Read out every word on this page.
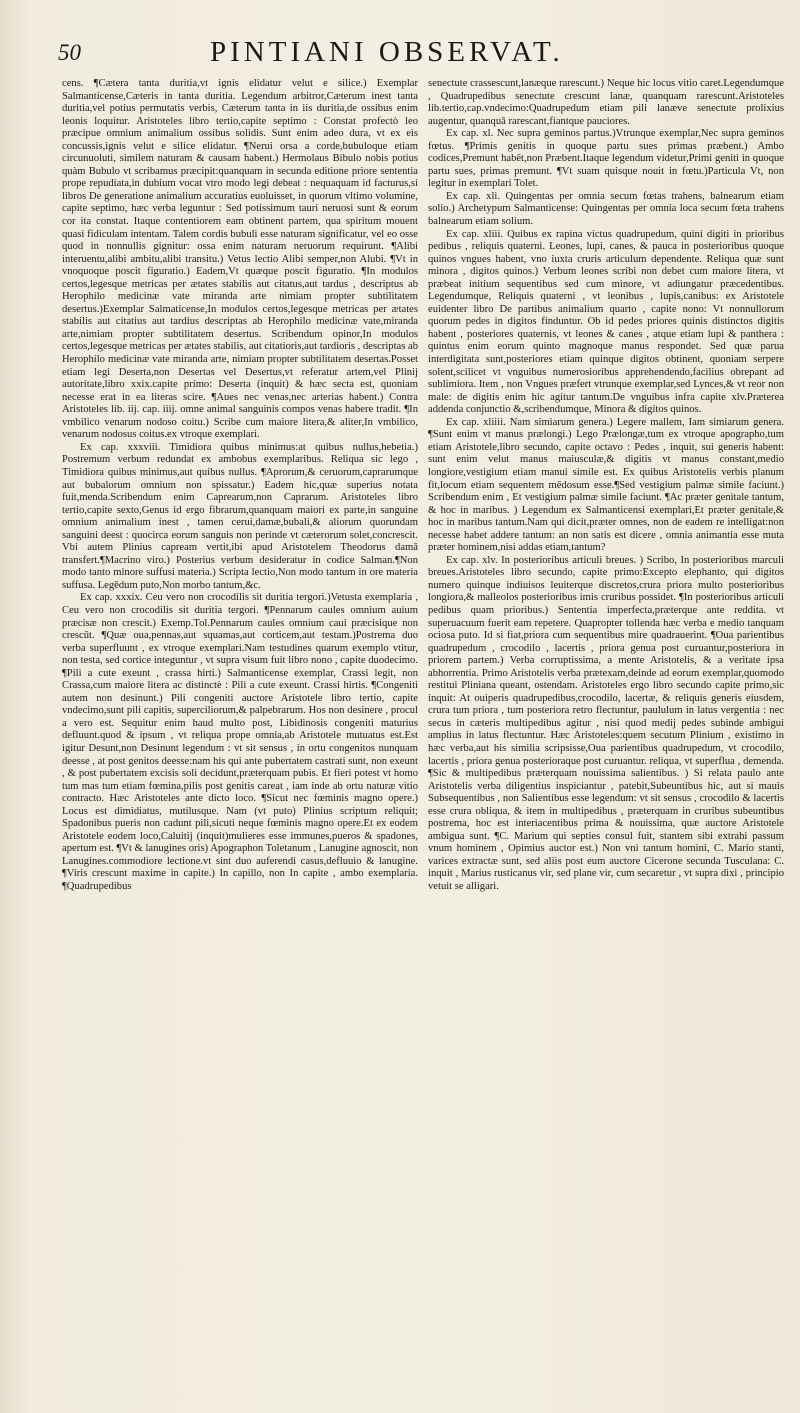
50	PINTIANI OBSERVAT.

cens. ¶Cætera tanta duritia,vt ignis elidatur velut e silice.) Exemplar Salmanticense,Cæteris in tanta duritia. Legendum arbitror,Cæterum inest tanta duritia,vel potius permutatis verbis, Cæterum tanta in iis duritia,de ossibus enim leonis loquitur. Aristoteles libro tertio,capite septimo : Constat profectò leo præcipue omnium animalium ossibus solidis. Sunt enim adeo dura, vt ex eis concussis,ignis velut e silice elidatur. ¶Nerui orsa a corde,bubuloque etiam circunuoluti, similem naturam & causam habent.) Hermolaus Bibulo nobis potius quàm Bubulo vt scribamus præcipit:quanquam in secunda editione priore sententia prope repudiata,in dubium vocat vtro modo legi debeat : nequaquam id facturus,si libros De generatione animalium accuratius euoluisset, in quorum vltimo volumine, capite septimo, hæc verba leguntur : Sed potissimum tauri neruosi sunt & eorum cor ita constat. Itaque contentiorem eam obtinent partem, qua spiritum mouent quasi fidiculam intentam. Talem cordis bubuli esse naturam significatur, vel eo osse quod in nonnullis gignitur: ossa enim naturam neruorum requirunt. ¶Alibi interuentu,alibi ambitu,alibi transitu.) Vetus lectio Alibi semper,non Alubi. ¶Vt in vnoquoque poscit figuratio.) Eadem,Vt quæque poscit figuratio. ¶In modulos certos,legesque metricas per ætates stabilis aut citatus,aut tardus , descriptus ab Herophilo medicinæ vate miranda arte nimiam propter subtilitatem desertus.)Exemplar Salmaticense,In modulos certos,legesque metricas per ætates stabilis aut citatius aut tardius descriptas ab Herophilo medicinæ vate,miranda arte,nimiam propter subtilitatem desertus. Scribendum opinor,In modulos certos,legesque metricas per ætates stabilis, aut citatioris,aut tardioris , descriptas ab Herophilo medicinæ vate miranda arte, nimiam propter subtilitatem desertas.Posset etiam legi Deserta,non Desertas vel Desertus,vt referatur artem,vel Plinij autoritate,libro xxix.capite primo: Deserta (inquit) & hæc secta est, quoniam necesse erat in ea literas scire. ¶Aues nec venas,nec arterias habent.) Contra Aristoteles lib. iij. cap. iiij. omne animal sanguinis compos venas habere tradit. ¶In vmbilico venarum nodoso coitu.) Scribe cum maiore litera,& aliter,In vmbilico, venarum nodosus coitus.ex vtroque exemplari.

Ex cap. xxxviii. Timidiora quibus minimus:at quibus nullus,hebetia.) Postremum verbum redundat ex ambobus exemplaribus. Reliqua sic lego , Timidiora quibus minimus,aut quibus nullus. ¶Aprorum,& ceruorum,caprarumque aut bubalorum omnium non spissatur.) Eadem hic,quæ superius notata fuit,menda.Scribendum enim Caprearum,non Caprarum. Aristoteles libro tertio,capite sexto,Genus id ergo fibrarum,quanquam maiori ex parte,in sanguine omnium animalium inest , tamen cerui,damæ,bubali,& aliorum quorundam sanguini deest : quocirca eorum sanguis non perinde vt cæterorum solet,concrescit. Vbi autem Plinius capream vertit,ibi apud Aristotelem Theodorus damā transfert.¶Macrino viro.) Posterius verbum desideratur in codice Salman.¶Non modo tanto minore suffusi materia.) Scripta lectio,Non modo tantum in ore materia suffusa. Legēdum puto,Non morbo tantum,&c.

Ex cap. xxxix. Ceu vero non crocodilis sit duritia tergori.)Vetusta exemplaria , Ceu vero non crocodilis sit duritia tergori. ¶Pennarum caules omnium auium præcisæ non crescit.) Exemp.Tol.Pennarum caules omnium caui præcisique non crescūt. ¶Quæ oua,pennas,aut squamas,aut corticem,aut testam.)Postrema duo verba superfluunt , ex vtroque exemplari.Nam testudines quarum exemplo vtitur, non testa, sed cortice integuntur , vt supra visum fuit libro nono , capite duodecimo. ¶Pili a cute exeunt , crassa hirti.) Salmanticense exemplar, Crassi legit, non Crassa,cum maiore litera ac distinctè : Pili a cute exeunt. Crassi hirtis. ¶Congeniti autem non desinunt.) Pili congeniti auctore Aristotele libro tertio, capite vndecimo,sunt pili capitis, superciliorum,& palpebrarum. Hos non desinere , procul a vero est. Sequitur enim haud multo post, Libidinosis congeniti maturius defluunt.quod & ipsum , vt reliqua prope omnia,ab Aristotele mutuatus est.Est igitur Desunt,non Desinunt legendum : vt sit sensus , in ortu congenitos nunquam deesse , at post genitos deesse:nam his qui ante pubertatem castrati sunt, non exeunt , & post pubertatem excisis soli decidunt,præterquam pubis. Et fieri potest vt homo tum mas tum etiam fœmina,pilis post genitis careat , iam inde ab ortu naturæ vitio contracto. Hæc Aristoteles ante dicto loco. ¶Sicut nec fœminis magno opere.) Locus est dimidiatus, mutilusque. Nam (vt puto) Plinius scriptum reliquit; Spadonibus pueris non cadunt pili,sicuti neque fœminis magno opere.Et ex eodem Aristotele eodem loco,Caluitij (inquit)mulieres esse immunes,pueros & spadones, apertum est. ¶Vt & lanugines oris) Apographon Toletanum , Lanugine agnoscit, non Lanugines.commodiore lectione.vt sint duo auferendi casus,defluuio & lanugine. ¶Viris crescunt maxime in capite.) In capillo, non In capite , ambo exemplaria. ¶Quadrupedibus

senectute crassescunt,lanæque rarescunt.) Neque hic locus vitio caret.Legendumque , Quadrupedibus senectute crescunt lanæ, quanquam rarescunt.Aristoteles lib.tertio,cap.vndecimo:Quadrupedum etiam pili lanæve senectute prolixius augentur, quanquā rarescant,fiantque pauciores.

Ex cap. xl. Nec supra geminos partus.)Vtrunque exemplar,Nec supra geminos fœtus. ¶Primis genitis in quoque partu sues primas præbent.) Ambo codices,Premunt habēt,non Præbent.Itaque legendum videtur,Primi geniti in quoque partu sues, primas premunt. ¶Vt suam quisque nouit in fœtu.)Particula Vt, non legitur in exemplari Tolet.

Ex cap. xli. Quingentas per omnia secum fœtas trahens, balnearum etiam solio.) Archetypum Salmanticense: Quingentas per omnia loca secum fœta trahens balnearum etiam solium.

Ex cap. xliii. Quibus ex rapina victus quadrupedum, quini digiti in prioribus pedibus , reliquis quaterni. Leones, lupi, canes, & pauca in posterioribus quoque quinos vngues habent, vno iuxta cruris articulum dependente. Reliqua quæ sunt minora , digitos quinos.) Verbum leones scribi non debet cum maiore litera, vt præbeat initium sequentibus sed cum minore, vt adiungatur præcedentibus. Legendumque, Reliquis quaterni , vt leonibus , lupis,canibus: ex Aristotele euidenter libro De partibus animalium quarto , capite nono: Vt nonnullorum quorum pedes in digitos finduntur. Ob id pedes priores quinis distinctos digitis habent , posteriores quaternis, vt leones & canes , atque etiam lupi & panthera : quintus enim eorum quinto magnoque manus respondet. Sed quæ parua interdigitata sunt,posteriores etiam quinque digitos obtinent, quoniam serpere solent,scilicet vt vnguibus numerosioribus apprehendendo,facilius obrepant ad sublimiora. Item , non Vngues præfert vtrunque exemplar,sed Lynces,& vt reor non male: de digitis enim hic agitur tantum.De vnguibus infra capite xlv.Præterea addenda conjunctio &,scribendumque, Minora & digitos quinos.

Ex cap. xliiii. Nam simiarum genera.) Legere mallem, Iam simiarum genera. ¶Sunt enim vt manus prælongi.) Lego Prælongæ,tum ex vtroque apographo,tum etiam Aristotele,libro secundo, capite octavo : Pedes , inquit, sui generis habent: sunt enim velut manus maiusculæ,& digitis vt manus constant,medio longiore,vestigium etiam manui simile est. Ex quibus Aristotelis verbis planum fit,locum etiam sequentem mēdosum esse.¶Sed vestigium palmæ simile faciunt.) Scribendum enim , Et vestigium palmæ simile faciunt. ¶Ac præter genitale tantum, & hoc in maribus. ) Legendum ex Salmanticensi exemplari,Et præter genitale,& hoc in maribus tantum.Nam qui dicit,præter omnes, non de eadem re intelligat:non necesse habet addere tantum: an non satis est dicere , omnia animantia esse muta præter hominem,nisi addas etiam,tantum?

Ex cap. xlv. In posterioribus articuli breues. ) Scribo, In posterioribus marculi breues.Aristoteles libro secundo, capite primo:Excepto elephanto, qui digitos numero quinque indiuisos leuiterque discretos,crura priora multo posterioribus longiora,& malleolos posterioribus imis cruribus possidet. ¶In posterioribus articuli pedibus quam prioribus.) Sententia imperfecta,præterque ante reddita. vt superuacuum fuerit eam repetere. Quapropter tollenda hæc verba e medio tanquam ociosa puto. Id si fiat,priora cum sequentibus mire quadrauerint. ¶Oua parientibus quadrupedum , crocodilo , lacertis , priora genua post curuantur,posteriora in priorem partem.) Verba corruptissima, a mente Aristotelis, & a veritate ipsa abhorrentia. Primo Aristotelis verba prætexam,deinde ad eorum exemplar,quomodo restitui Pliniana queant, ostendam. Aristoteles ergo libro secundo capite primo,sic inquit: At ouiperis quadrupedibus,crocodilo, lacertæ, & reliquis generis eiusdem, crura tum priora , tum posteriora retro flectuntur, paululum in latus vergentia : nec secus in cæteris multipedibus agitur , nisi quod medij pedes subinde ambigui amplius in latus flectuntur. Hæc Aristoteles:quem secutum Plinium , existimo in hæc verba,aut his similia scripsisse,Oua parientibus quadrupedum, vt crocodilo, lacertis , priora genua posterioraque post curuantur. reliqua, vt superflua , demenda. ¶Sic & multipedibus præterquam nouissima salientibus. ) Si relata paulo ante Aristotelis verba diligentius inspiciantur , patebit,Subeuntibus hic, aut si mauis Subsequentibus , non Salientibus esse legendum: vt sit sensus , crocodilo & lacertis esse crura obliqua, & item in multipedibus , præterquam in cruribus subeuntibus postrema, hoc est interiacentibus prima & nouissima, quæ auctore Aristotele ambigua sunt. ¶C. Marium qui septies consul fuit, stantem sibi extrahi passum vnum hominem , Opimius auctor est.) Non vni tantum homini, C. Mario stanti, varices extractæ sunt, sed aliis post eum auctore Cicerone secunda Tusculana: C. inquit , Marius rusticanus vir, sed plane vir, cum secaretur , vt supra dixi , principio vetuit se alligari.
